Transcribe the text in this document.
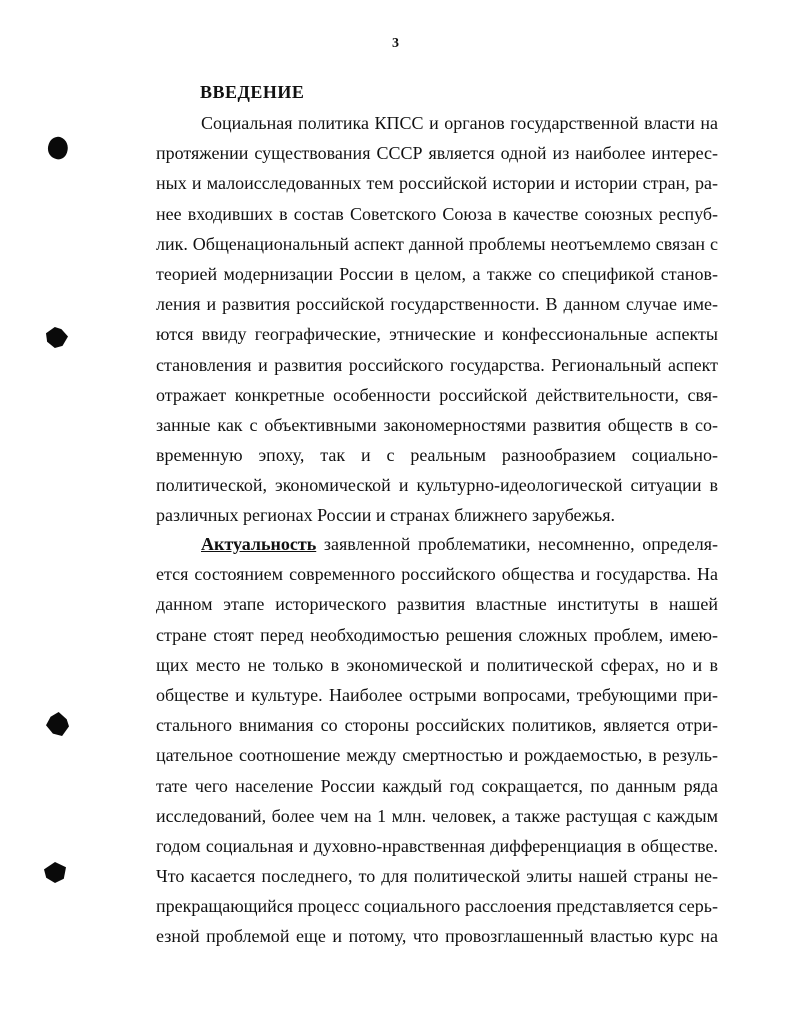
3
ВВЕДЕНИЕ
Социальная политика КПСС и органов государственной власти на
протяжении существования СССР является одной из наиболее интерес-
ных и малоисследованных тем российской истории и истории стран, ра-
нее входивших в состав Советского Союза в качестве союзных респуб-
лик. Общенациональный аспект данной проблемы неотъемлемо связан с
теорией модернизации России в целом, а также со спецификой станов-
ления и развития российской государственности. В данном случае име-
ются ввиду географические, этнические и конфессиональные аспекты
становления и развития российского государства. Региональный аспект
отражает конкретные особенности российской действительности, свя-
занные как с объективными закономерностями развития обществ в со-
временную эпоху, так и с реальным разнообразием социально-
политической, экономической и культурно-идеологической ситуации в
различных регионах России и странах ближнего зарубежья.
Актуальность заявленной проблематики, несомненно, определя-
ется состоянием современного российского общества и государства. На
данном этапе исторического развития властные институты в нашей
стране стоят перед необходимостью решения сложных проблем, имею-
щих место не только в экономической и политической сферах, но и в
обществе и культуре. Наиболее острыми вопросами, требующими при-
стального внимания со стороны российских политиков, является отри-
цательное соотношение между смертностью и рождаемостью, в резуль-
тате чего население России каждый год сокращается, по данным ряда
исследований, более чем на 1 млн. человек, а также растущая с каждым
годом социальная и духовно-нравственная дифференциация в обществе.
Что касается последнего, то для политической элиты нашей страны не-
прекращающийся процесс социального расслоения представляется серь-
езной проблемой еще и потому, что провозглашенный властью курс на
